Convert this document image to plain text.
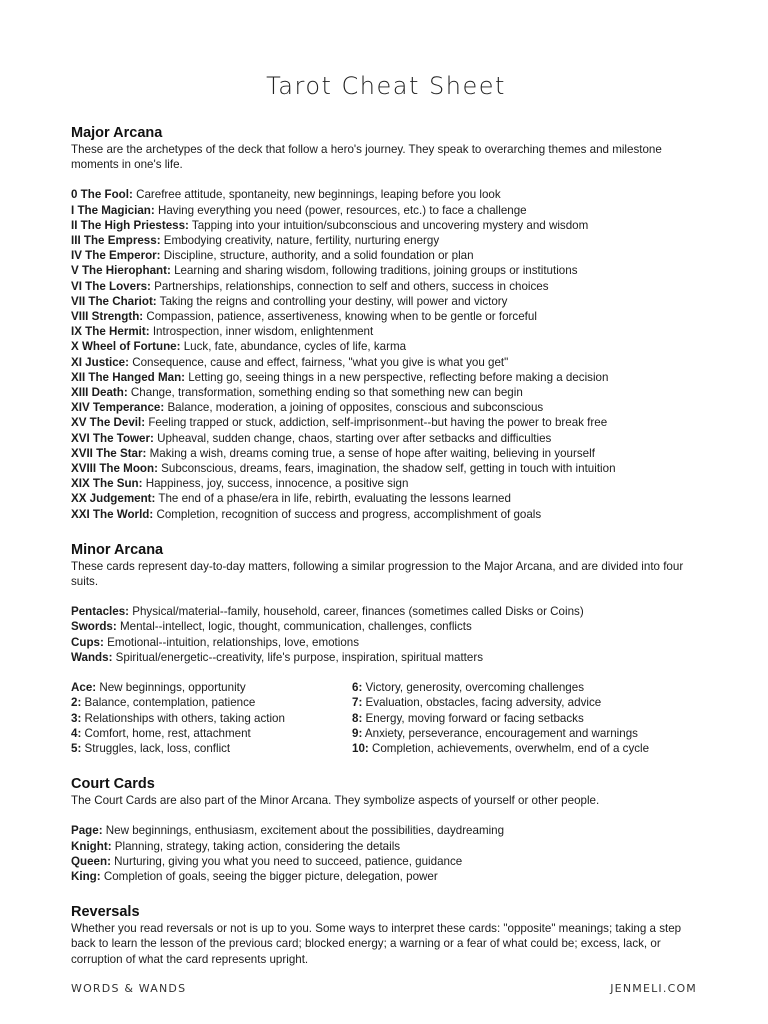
Tarot Cheat Sheet
Major Arcana

These are the archetypes of the deck that follow a hero's journey. They speak to overarching themes and milestone moments in one's life.

0 The Fool: Carefree attitude, spontaneity, new beginnings, leaping before you look
I The Magician: Having everything you need (power, resources, etc.) to face a challenge
II The High Priestess: Tapping into your intuition/subconscious and uncovering mystery and wisdom
III The Empress: Embodying creativity, nature, fertility, nurturing energy
IV The Emperor: Discipline, structure, authority, and a solid foundation or plan
V The Hierophant: Learning and sharing wisdom, following traditions, joining groups or institutions
VI The Lovers: Partnerships, relationships, connection to self and others, success in choices
VII The Chariot: Taking the reigns and controlling your destiny, will power and victory
VIII Strength: Compassion, patience, assertiveness, knowing when to be gentle or forceful
IX The Hermit: Introspection, inner wisdom, enlightenment
X Wheel of Fortune: Luck, fate, abundance, cycles of life, karma
XI Justice: Consequence, cause and effect, fairness, "what you give is what you get"
XII The Hanged Man: Letting go, seeing things in a new perspective, reflecting before making a decision
XIII Death: Change, transformation, something ending so that something new can begin
XIV Temperance: Balance, moderation, a joining of opposites, conscious and subconscious
XV The Devil: Feeling trapped or stuck, addiction, self-imprisonment--but having the power to break free
XVI The Tower: Upheaval, sudden change, chaos, starting over after setbacks and difficulties
XVII The Star: Making a wish, dreams coming true, a sense of hope after waiting, believing in yourself
XVIII The Moon: Subconscious, dreams, fears, imagination, the shadow self, getting in touch with intuition
XIX The Sun: Happiness, joy, success, innocence, a positive sign
XX Judgement: The end of a phase/era in life, rebirth, evaluating the lessons learned
XXI The World: Completion, recognition of success and progress, accomplishment of goals
Minor Arcana

These cards represent day-to-day matters, following a similar progression to the Major Arcana, and are divided into four suits.

Pentacles: Physical/material--family, household, career, finances (sometimes called Disks or Coins)
Swords: Mental--intellect, logic, thought, communication, challenges, conflicts
Cups: Emotional--intuition, relationships, love, emotions
Wands: Spiritual/energetic--creativity, life's purpose, inspiration, spiritual matters
Ace: New beginnings, opportunity
2: Balance, contemplation, patience
3: Relationships with others, taking action
4: Comfort, home, rest, attachment
5: Struggles, lack, loss, conflict
6: Victory, generosity, overcoming challenges
7: Evaluation, obstacles, facing adversity, advice
8: Energy, moving forward or facing setbacks
9: Anxiety, perseverance, encouragement and warnings
10: Completion, achievements, overwhelm, end of a cycle
Court Cards

The Court Cards are also part of the Minor Arcana. They symbolize aspects of yourself or other people.

Page: New beginnings, enthusiasm, excitement about the possibilities, daydreaming
Knight: Planning, strategy, taking action, considering the details
Queen: Nurturing, giving you what you need to succeed, patience, guidance
King: Completion of goals, seeing the bigger picture, delegation, power
Reversals

Whether you read reversals or not is up to you. Some ways to interpret these cards: "opposite" meanings; taking a step back to learn the lesson of the previous card; blocked energy; a warning or a fear of what could be; excess, lack, or corruption of what the card represents upright.

WORDS & WANDS	JENMELI.COM
